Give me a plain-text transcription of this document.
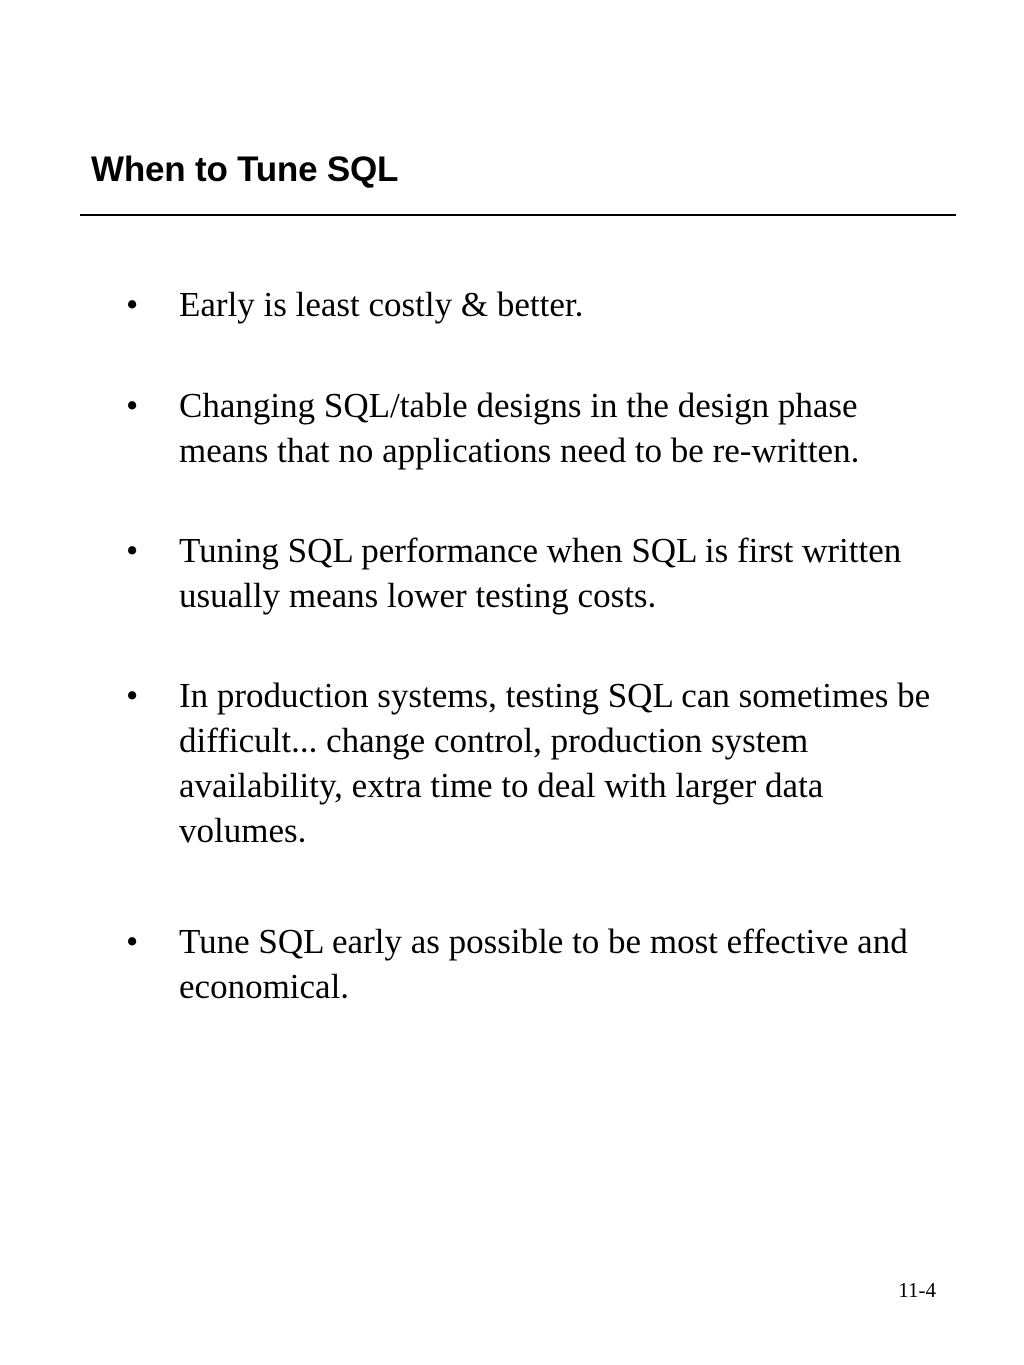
When to Tune SQL
• Early is least costly & better.
• Changing SQL/table designs in the design phase means that no applications need to be re-written.
• Tuning SQL performance when SQL is first written usually means lower testing costs.
• In production systems, testing SQL can sometimes be difficult... change control, production system availability, extra time to deal with larger data volumes.
• Tune SQL early as possible to be most effective and economical.
11-4
